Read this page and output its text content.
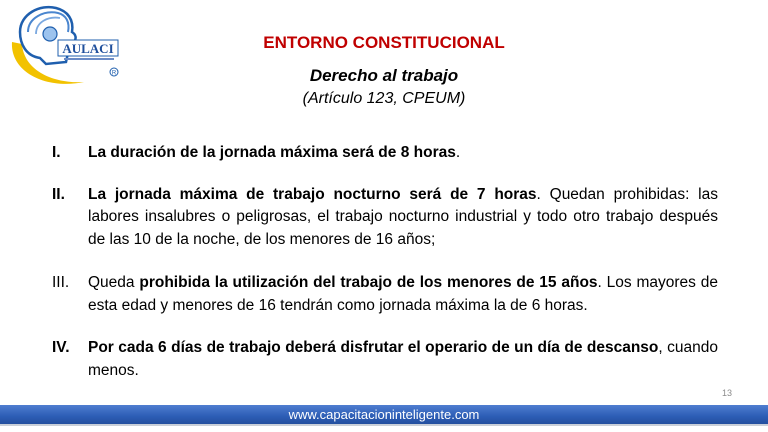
AULACI
R
ENTORNO CONSTITUCIONAL
Derecho al trabajo
(Artículo 123, CPEUM)
I.	La duración de la jornada máxima será de 8 horas.
II.	La jornada máxima de trabajo nocturno será de 7 horas. Quedan prohibidas: las labores insalubres o peligrosas, el trabajo nocturno industrial y todo otro trabajo después de las 10 de la noche, de los menores de 16 años;
III.	Queda prohibida la utilización del trabajo de los menores de 15 años. Los mayores de esta edad y menores de 16 tendrán como jornada máxima la de 6 horas.
IV.	Por cada 6 días de trabajo deberá disfrutar el operario de un día de descanso, cuando menos.
13
www.capacitacioninteligente.com
